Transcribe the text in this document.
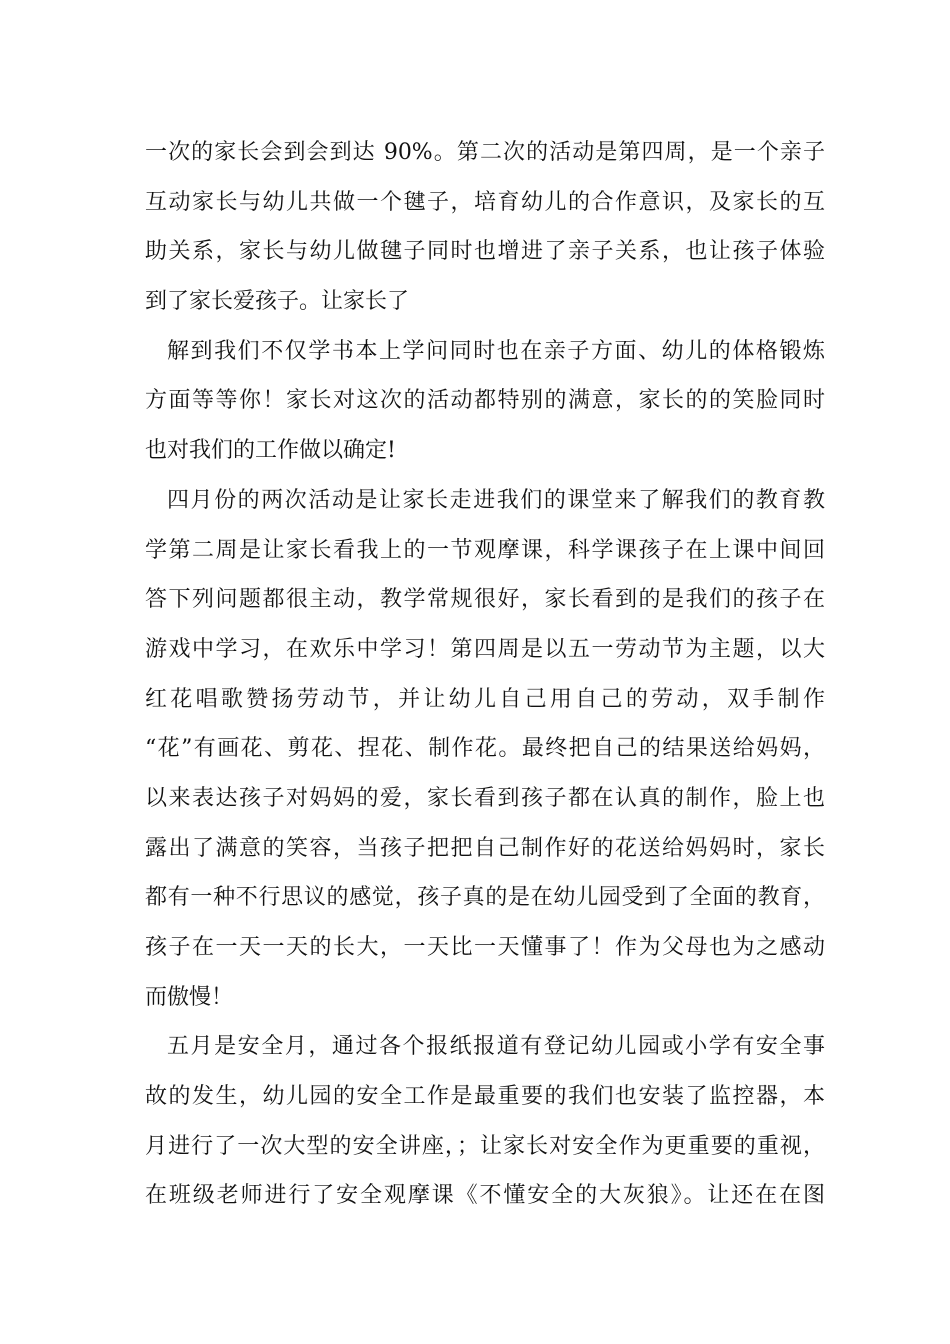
一次的家长会到会到达 90%。第二次的活动是第四周，是一个亲子
互动家长与幼儿共做一个毽子，培育幼儿的合作意识，及家长的互
助关系，家长与幼儿做毽子同时也增进了亲子关系，也让孩子体验
到了家长爱孩子。让家长了
解到我们不仅学书本上学问同时也在亲子方面、幼儿的体格锻炼
方面等等你！家长对这次的活动都特别的满意，家长的的笑脸同时
也对我们的工作做以确定!
四月份的两次活动是让家长走进我们的课堂来了解我们的教育教
学第二周是让家长看我上的一节观摩课，科学课孩子在上课中间回
答下列问题都很主动，教学常规很好，家长看到的是我们的孩子在
游戏中学习，在欢乐中学习！第四周是以五一劳动节为主题，以大
红花唱歌赞扬劳动节，并让幼儿自己用自己的劳动，双手制作
“花”有画花、剪花、捏花、制作花。最终把自己的结果送给妈妈，
以来表达孩子对妈妈的爱，家长看到孩子都在认真的制作，脸上也
露出了满意的笑容，当孩子把把自己制作好的花送给妈妈时，家长
都有一种不行思议的感觉，孩子真的是在幼儿园受到了全面的教育，
孩子在一天一天的长大，一天比一天懂事了！作为父母也为之感动
而傲慢！
五月是安全月，通过各个报纸报道有登记幼儿园或小学有安全事
故的发生，幼儿园的安全工作是最重要的我们也安装了监控器，本
月进行了一次大型的安全讲座，；让家长对安全作为更重要的重视，
在班级老师进行了安全观摩课《不懂安全的大灰狼》。让还在在图
